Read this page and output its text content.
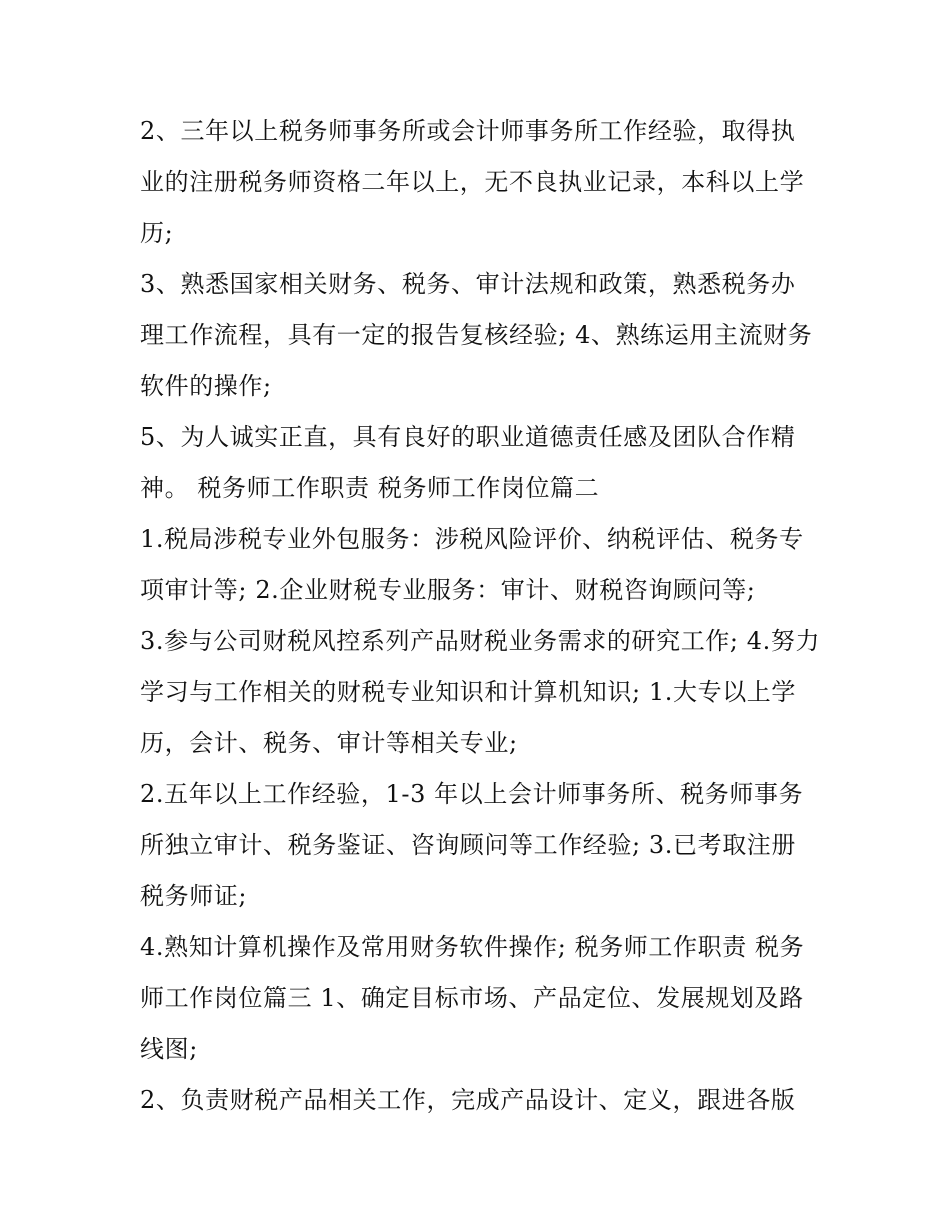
2、三年以上税务师事务所或会计师事务所工作经验，取得执
业的注册税务师资格二年以上，无不良执业记录，本科以上学
历;

3、熟悉国家相关财务、税务、审计法规和政策，熟悉税务办
理工作流程，具有一定的报告复核经验; 4、熟练运用主流财务
软件的操作;

5、为人诚实正直，具有良好的职业道德责任感及团队合作精
神。 税务师工作职责 税务师工作岗位篇二

1.税局涉税专业外包服务：涉税风险评价、纳税评估、税务专
项审计等; 2.企业财税专业服务：审计、财税咨询顾问等;

3.参与公司财税风控系列产品财税业务需求的研究工作; 4.努力
学习与工作相关的财税专业知识和计算机知识; 1.大专以上学
历，会计、税务、审计等相关专业;

2.五年以上工作经验，1-3 年以上会计师事务所、税务师事务
所独立审计、税务鉴证、咨询顾问等工作经验; 3.已考取注册
税务师证;

4.熟知计算机操作及常用财务软件操作; 税务师工作职责 税务
师工作岗位篇三 1、确定目标市场、产品定位、发展规划及路
线图;

2、负责财税产品相关工作，完成产品设计、定义，跟进各版
